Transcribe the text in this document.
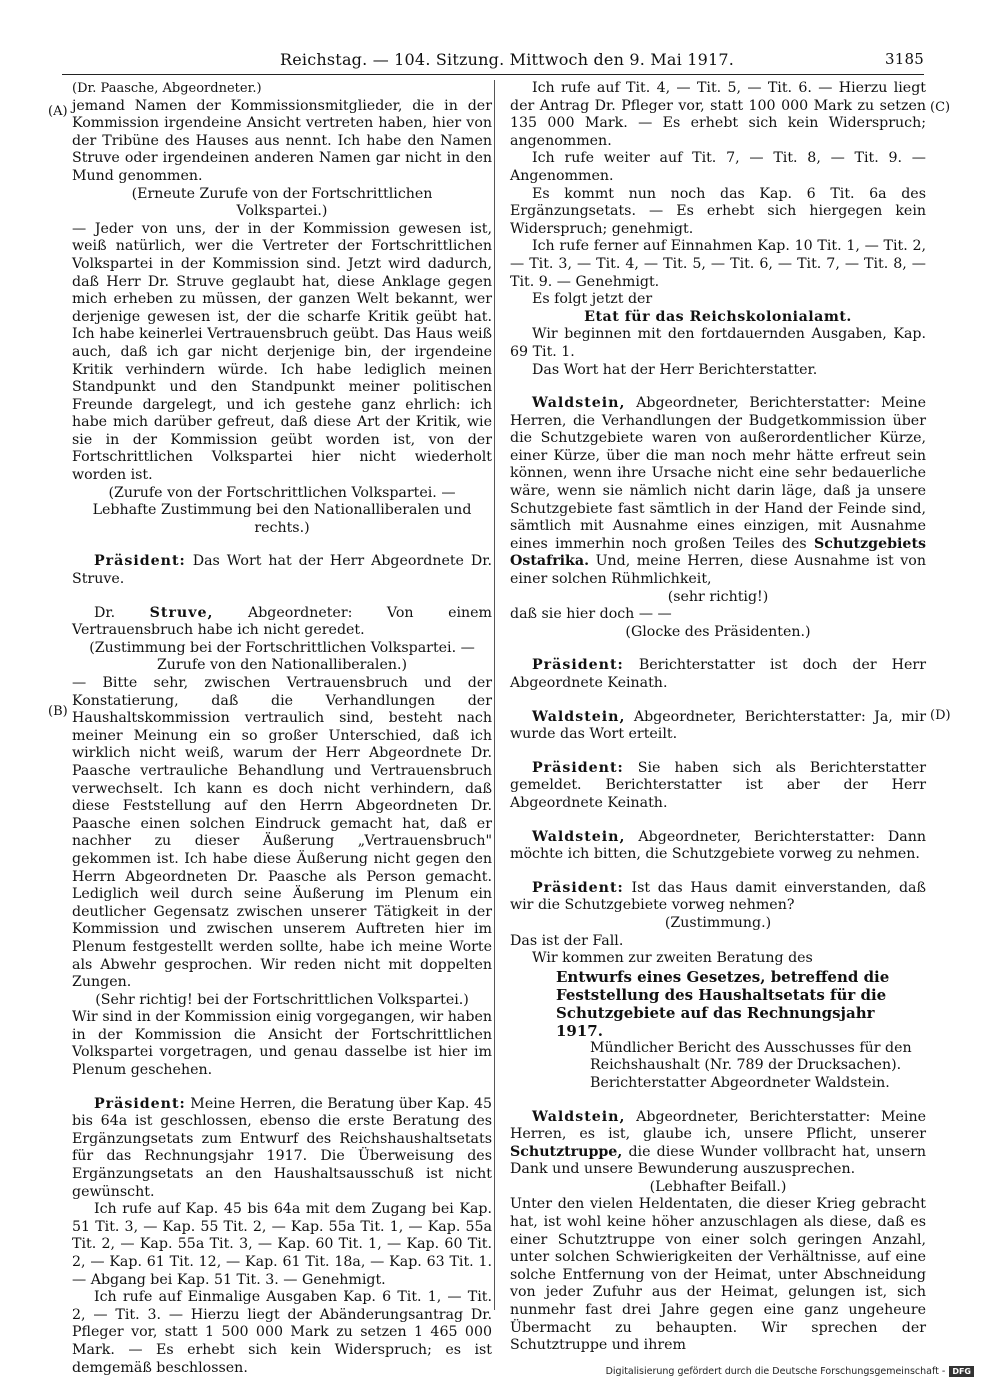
Reichstag. — 104. Sitzung. Mittwoch den 9. Mai 1917.	3185
(A)
(B)
(C)
(D)

(Dr. Paasche, Abgeordneter.)

jemand Namen der Kommissionsmitglieder, die in der Kommission irgendeine Ansicht vertreten haben, hier von der Tribüne des Hauses aus nennt. Ich habe den Namen Struve oder irgendeinen anderen Namen gar nicht in den Mund genommen.

(Erneute Zurufe von der Fortschrittlichen Volkspartei.)

— Jeder von uns, der in der Kommission gewesen ist, weiß natürlich, wer die Vertreter der Fortschrittlichen Volkspartei in der Kommission sind. Jetzt wird dadurch, daß Herr Dr. Struve geglaubt hat, diese Anklage gegen mich erheben zu müssen, der ganzen Welt bekannt, wer derjenige gewesen ist, der die scharfe Kritik geübt hat. Ich habe keinerlei Vertrauensbruch geübt. Das Haus weiß auch, daß ich gar nicht derjenige bin, der irgendeine Kritik verhindern würde. Ich habe lediglich meinen Standpunkt und den Standpunkt meiner politischen Freunde dargelegt, und ich gestehe ganz ehrlich: ich habe mich darüber gefreut, daß diese Art der Kritik, wie sie in der Kommission geübt worden ist, von der Fortschrittlichen Volkspartei hier nicht wiederholt worden ist.

(Zurufe von der Fortschrittlichen Volkspartei. — Lebhafte Zustimmung bei den Nationalliberalen und rechts.)

Präsident: Das Wort hat der Herr Abgeordnete Dr. Struve.

Dr. Struve, Abgeordneter: Von einem Vertrauensbruch habe ich nicht geredet.

(Zustimmung bei der Fortschrittlichen Volkspartei. — Zurufe von den Nationalliberalen.)

— Bitte sehr, zwischen Vertrauensbruch und der Konstatierung, daß die Verhandlungen der Haushaltskommission vertraulich sind, besteht nach meiner Meinung ein so großer Unterschied, daß ich wirklich nicht weiß, warum der Herr Abgeordnete Dr. Paasche vertrauliche Behandlung und Vertrauensbruch verwechselt. Ich kann es doch nicht verhindern, daß diese Feststellung auf den Herrn Abgeordneten Dr. Paasche einen solchen Eindruck gemacht hat, daß er nachher zu dieser Äußerung „Vertrauensbruch" gekommen ist. Ich habe diese Äußerung nicht gegen den Herrn Abgeordneten Dr. Paasche als Person gemacht. Lediglich weil durch seine Äußerung im Plenum ein deutlicher Gegensatz zwischen unserer Tätigkeit in der Kommission und zwischen unserem Auftreten hier im Plenum festgestellt werden sollte, habe ich meine Worte als Abwehr gesprochen. Wir reden nicht mit doppelten Zungen.

(Sehr richtig! bei der Fortschrittlichen Volkspartei.)

Wir sind in der Kommission einig vorgegangen, wir haben in der Kommission die Ansicht der Fortschrittlichen Volkspartei vorgetragen, und genau dasselbe ist hier im Plenum geschehen.

Präsident: Meine Herren, die Beratung über Kap. 45 bis 64a ist geschlossen, ebenso die erste Beratung des Ergänzungsetats zum Entwurf des Reichshaushaltsetats für das Rechnungsjahr 1917. Die Überweisung des Ergänzungsetats an den Haushaltsausschuß ist nicht gewünscht.

Ich rufe auf Kap. 45 bis 64a mit dem Zugang bei Kap. 51 Tit. 3, — Kap. 55 Tit. 2, — Kap. 55a Tit. 1, — Kap. 55a Tit. 2, — Kap. 55a Tit. 3, — Kap. 60 Tit. 1, — Kap. 60 Tit. 2, — Kap. 61 Tit. 12, — Kap. 61 Tit. 18a, — Kap. 63 Tit. 1. — Abgang bei Kap. 51 Tit. 3. — Genehmigt.

Ich rufe auf Einmalige Ausgaben Kap. 6 Tit. 1, — Tit. 2, — Tit. 3. — Hierzu liegt der Abänderungsantrag Dr. Pfleger vor, statt 1 500 000 Mark zu setzen 1 465 000 Mark. — Es erhebt sich kein Widerspruch; es ist demgemäß beschlossen.

Ich rufe auf Tit. 4, — Tit. 5, — Tit. 6. — Hierzu liegt der Antrag Dr. Pfleger vor, statt 100 000 Mark zu setzen 135 000 Mark. — Es erhebt sich kein Widerspruch; angenommen.

Ich rufe weiter auf Tit. 7, — Tit. 8, — Tit. 9. — Angenommen.

Es kommt nun noch das Kap. 6 Tit. 6a des Ergänzungsetats. — Es erhebt sich hiergegen kein Widerspruch; genehmigt.

Ich rufe ferner auf Einnahmen Kap. 10 Tit. 1, — Tit. 2, — Tit. 3, — Tit. 4, — Tit. 5, — Tit. 6, — Tit. 7, — Tit. 8, — Tit. 9. — Genehmigt.

Es folgt jetzt der

Etat für das Reichskolonialamt.

Wir beginnen mit den fortdauernden Ausgaben, Kap. 69 Tit. 1.

Das Wort hat der Herr Berichterstatter.

Waldstein, Abgeordneter, Berichterstatter: Meine Herren, die Verhandlungen der Budgetkommission über die Schutzgebiete waren von außerordentlicher Kürze, einer Kürze, über die man noch mehr hätte erfreut sein können, wenn ihre Ursache nicht eine sehr bedauerliche wäre, wenn sie nämlich nicht darin läge, daß ja unsere Schutzgebiete fast sämtlich in der Hand der Feinde sind, sämtlich mit Ausnahme eines einzigen, mit Ausnahme eines immerhin noch großen Teiles des Schutzgebiets Ostafrika. Und, meine Herren, diese Ausnahme ist von einer solchen Rühmlichkeit,

(sehr richtig!)

daß sie hier doch — —

(Glocke des Präsidenten.)

Präsident: Berichterstatter ist doch der Herr Abgeordnete Keinath.

Waldstein, Abgeordneter, Berichterstatter: Ja, mir wurde das Wort erteilt.

Präsident: Sie haben sich als Berichterstatter gemeldet. Berichterstatter ist aber der Herr Abgeordnete Keinath.

Waldstein, Abgeordneter, Berichterstatter: Dann möchte ich bitten, die Schutzgebiete vorweg zu nehmen.

Präsident: Ist das Haus damit einverstanden, daß wir die Schutzgebiete vorweg nehmen?

(Zustimmung.)

Das ist der Fall.

Wir kommen zur zweiten Beratung des

Entwurfs eines Gesetzes, betreffend die Feststellung des Haushaltsetats für die Schutzgebiete auf das Rechnungsjahr 1917.

Mündlicher Bericht des Ausschusses für den Reichshaushalt (Nr. 789 der Drucksachen).

Berichterstatter Abgeordneter Waldstein.

Waldstein, Abgeordneter, Berichterstatter: Meine Herren, es ist, glaube ich, unsere Pflicht, unserer Schutztruppe, die diese Wunder vollbracht hat, unsern Dank und unsere Bewunderung auszusprechen.

(Lebhafter Beifall.)

Unter den vielen Heldentaten, die dieser Krieg gebracht hat, ist wohl keine höher anzuschlagen als diese, daß es einer Schutztruppe von einer solch geringen Anzahl, unter solchen Schwierigkeiten der Verhältnisse, auf eine solche Entfernung von der Heimat, unter Abschneidung von jeder Zufuhr aus der Heimat, gelungen ist, sich nunmehr fast drei Jahre gegen eine ganz ungeheure Übermacht zu behaupten. Wir sprechen der Schutztruppe und ihrem

Digitalisierung gefördert durch die Deutsche Forschungsgemeinschaft - DFG
